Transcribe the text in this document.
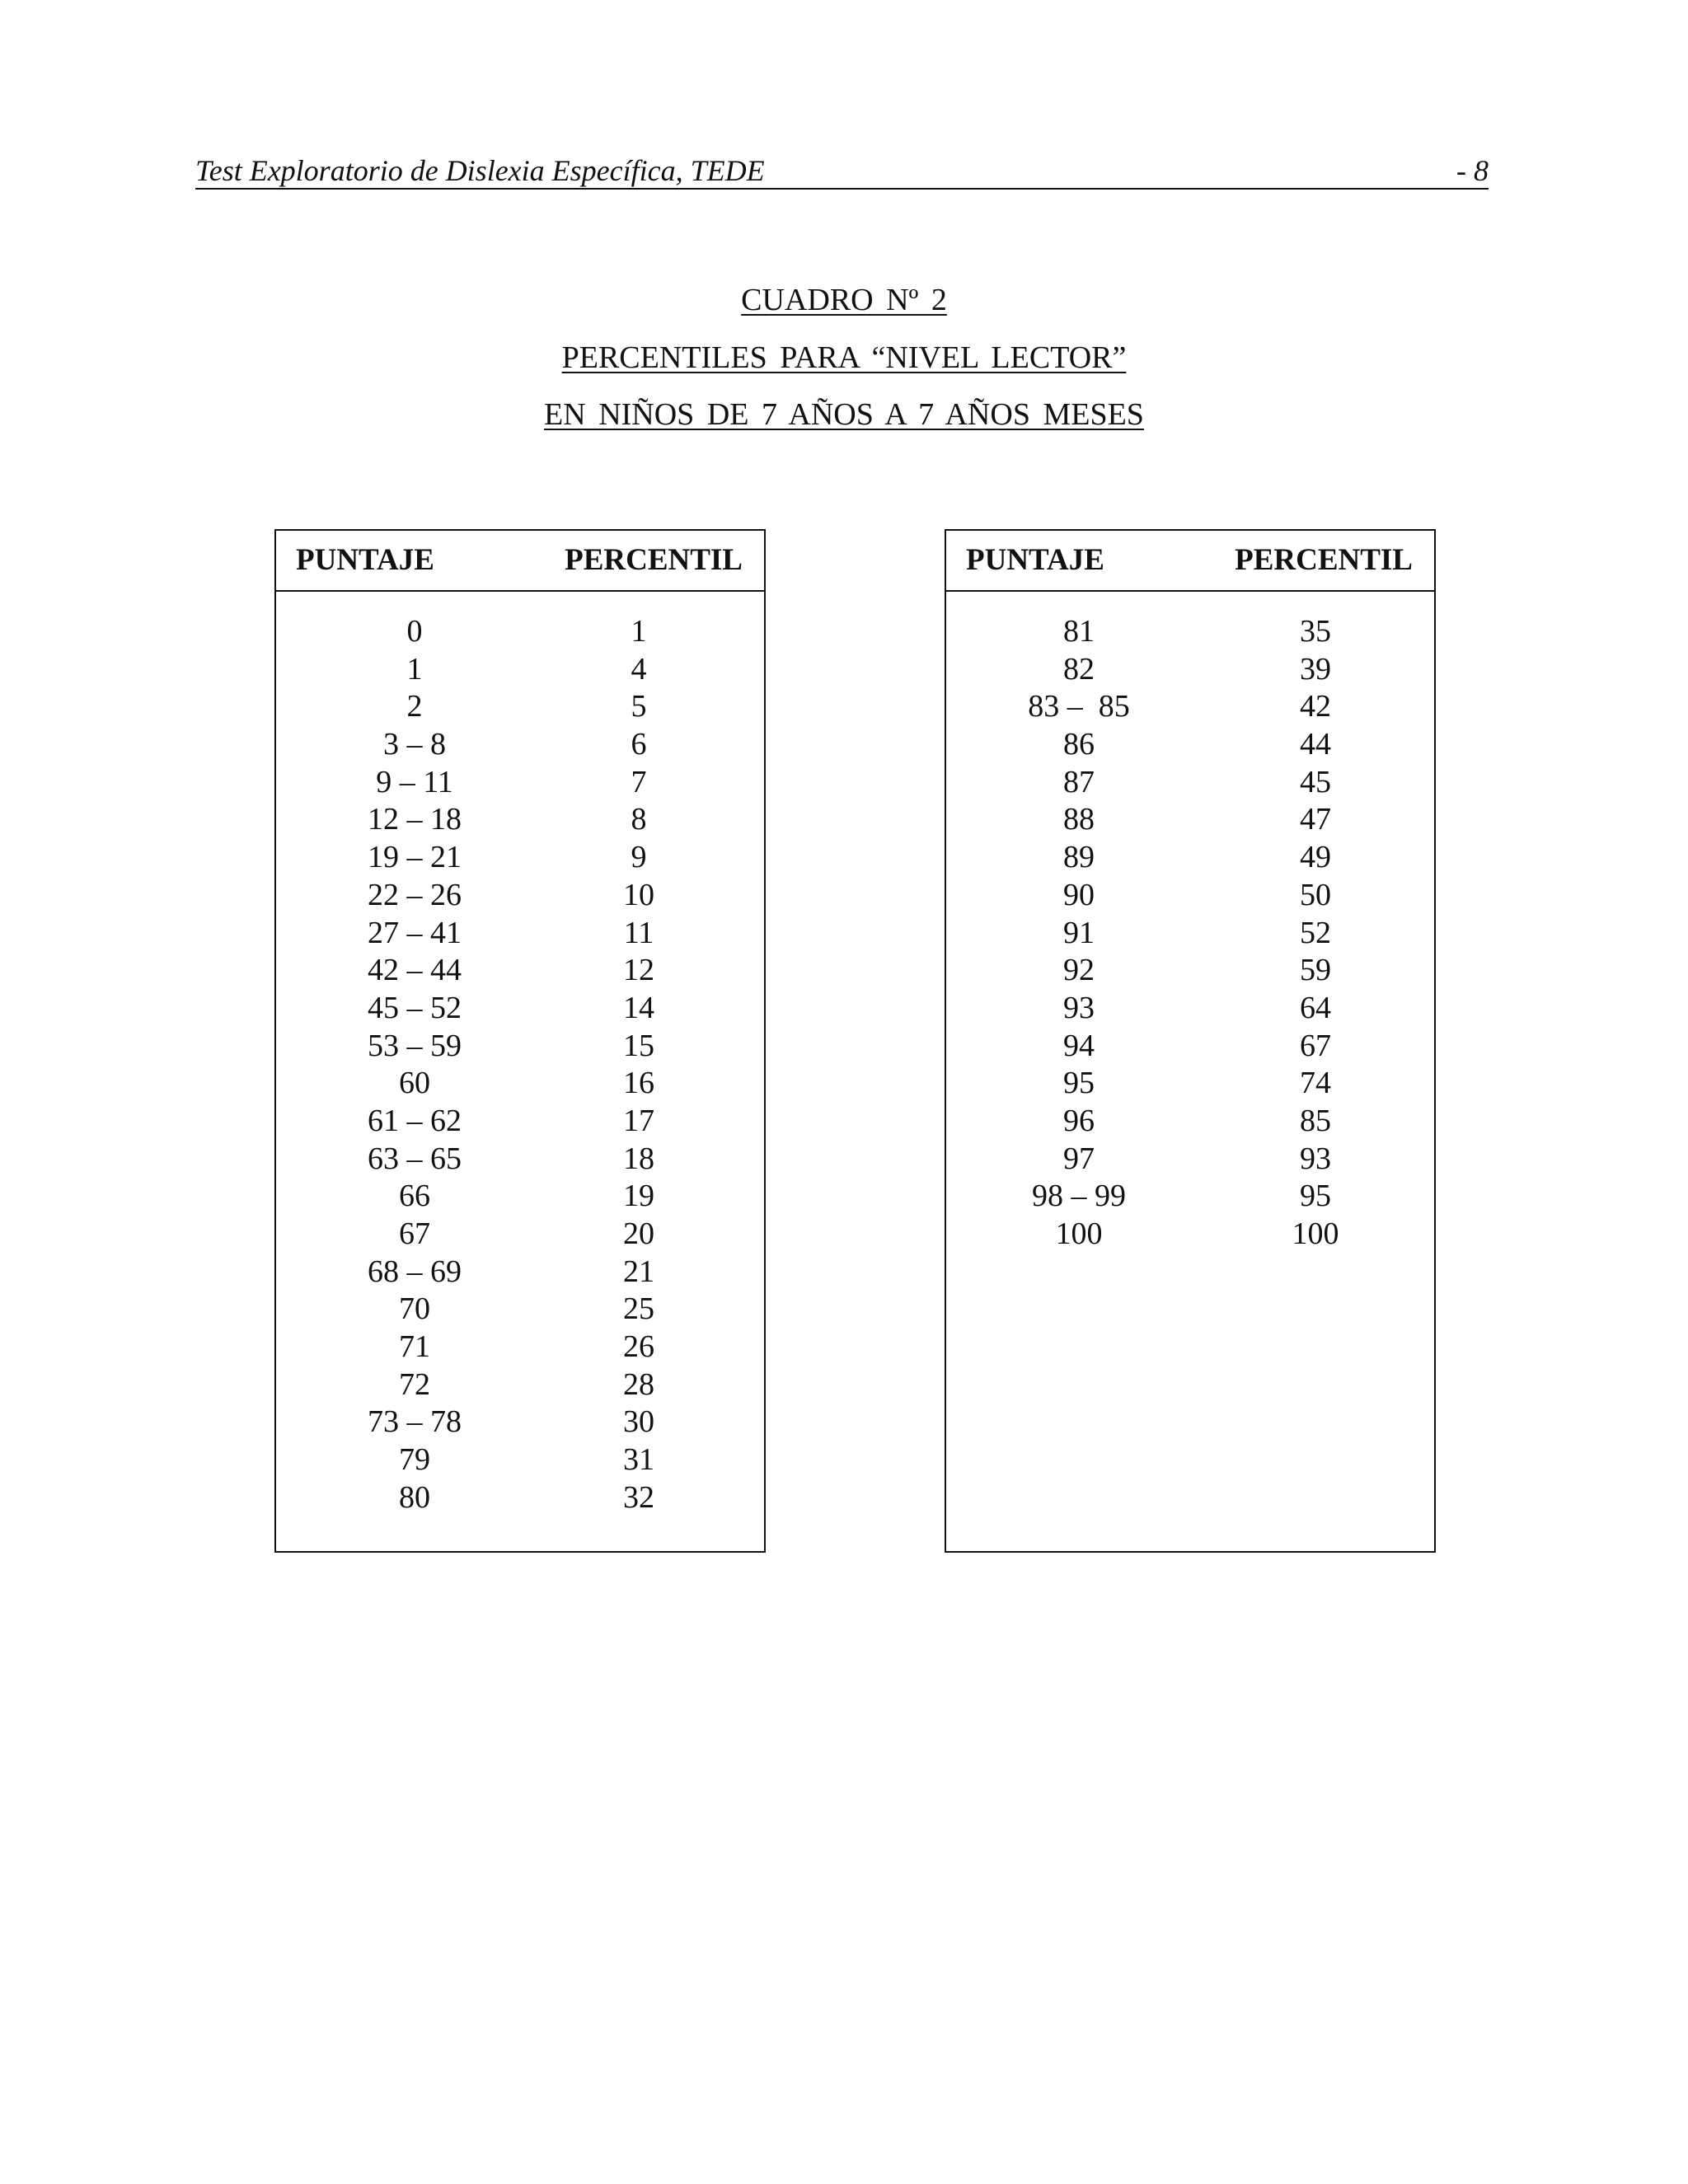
Test Exploratorio de Dislexia Específica, TEDE	- 8
CUADRO Nº 2
PERCENTILES PARA “NIVEL LECTOR”
EN NIÑOS DE 7 AÑOS A 7 AÑOS MESES
PUNTAJE	PERCENTIL
0	1
1	4
2	5
3 – 8	6
9 – 11	7
12 – 18	8
19 – 21	9
22 – 26	10
27 – 41	11
42 – 44	12
45 – 52	14
53 – 59	15
60	16
61 – 62	17
63 – 65	18
66	19
67	20
68 – 69	21
70	25
71	26
72	28
73 – 78	30
79	31
80	32
PUNTAJE	PERCENTIL
81	35
82	39
83 –  85	42
86	44
87	45
88	47
89	49
90	50
91	52
92	59
93	64
94	67
95	74
96	85
97	93
98 – 99	95
100	100
